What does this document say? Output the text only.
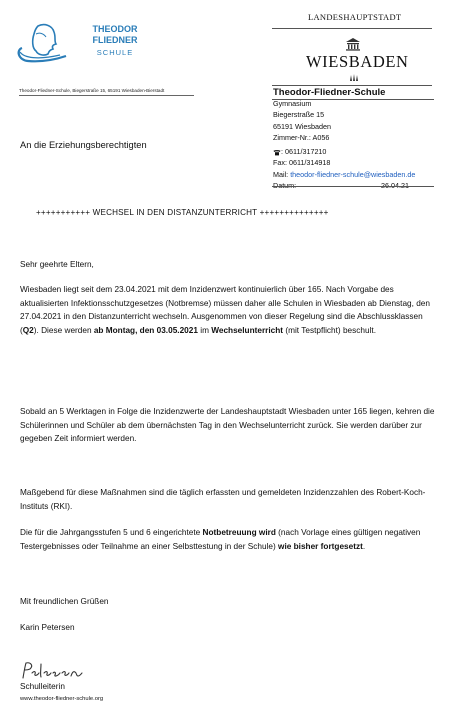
THEODOR
FLIEDNER
SCHULE
LANDESHAUPTSTADT
WIESBADEN
Theodor-Fliedner-Schule, Biegerstraße 15, 65191 Wiesbaden-Bierstadt	Theodor-Fliedner-Schule
Gymnasium
Biegerstraße 15
65191 Wiesbaden
Zimmer-Nr.: A056
: 0611/317210
Fax: 0611/314918
Mail: theodor-fliedner-schule@wiesbaden.de
Datum:	26.04.21
An die Erziehungsberechtigten
+++++++++++ WECHSEL IN DEN DISTANZUNTERRICHT ++++++++++++++
Sehr geehrte Eltern,

Wiesbaden liegt seit dem 23.04.2021 mit dem Inzidenzwert kontinuierlich über 165. Nach Vorgabe des aktualisierten Infektionsschutzgesetzes (Notbremse) müssen daher alle Schulen in Wiesbaden ab Dienstag, den 27.04.2021 in den Distanzunterricht wechseln. Ausgenommen von dieser Regelung sind die Abschlussklassen (Q2). Diese werden ab Montag, den 03.05.2021 im Wechselunterricht (mit Testpflicht) beschult.

Sobald an 5 Werktagen in Folge die Inzidenzwerte der Landeshauptstadt Wiesbaden unter 165 liegen, kehren die Schülerinnen und Schüler ab dem übernächsten Tag in den Wechselunterricht zurück. Sie werden darüber zur gegeben Zeit informiert werden.
Maßgebend für diese Maßnahmen sind die täglich erfassten und gemeldeten Inzidenzzahlen des Robert-Koch-Instituts (RKI).

Die für die Jahrgangsstufen 5 und 6 eingerichtete Notbetreuung wird (nach Vorlage eines gültigen negativen Testergebnisses oder Teilnahme an einer Selbsttestung in der Schule) wie bisher fortgesetzt.

Mit freundlichen Grüßen
Karin Petersen
Schulleiterin
www.theodor-fliedner-schule.org
